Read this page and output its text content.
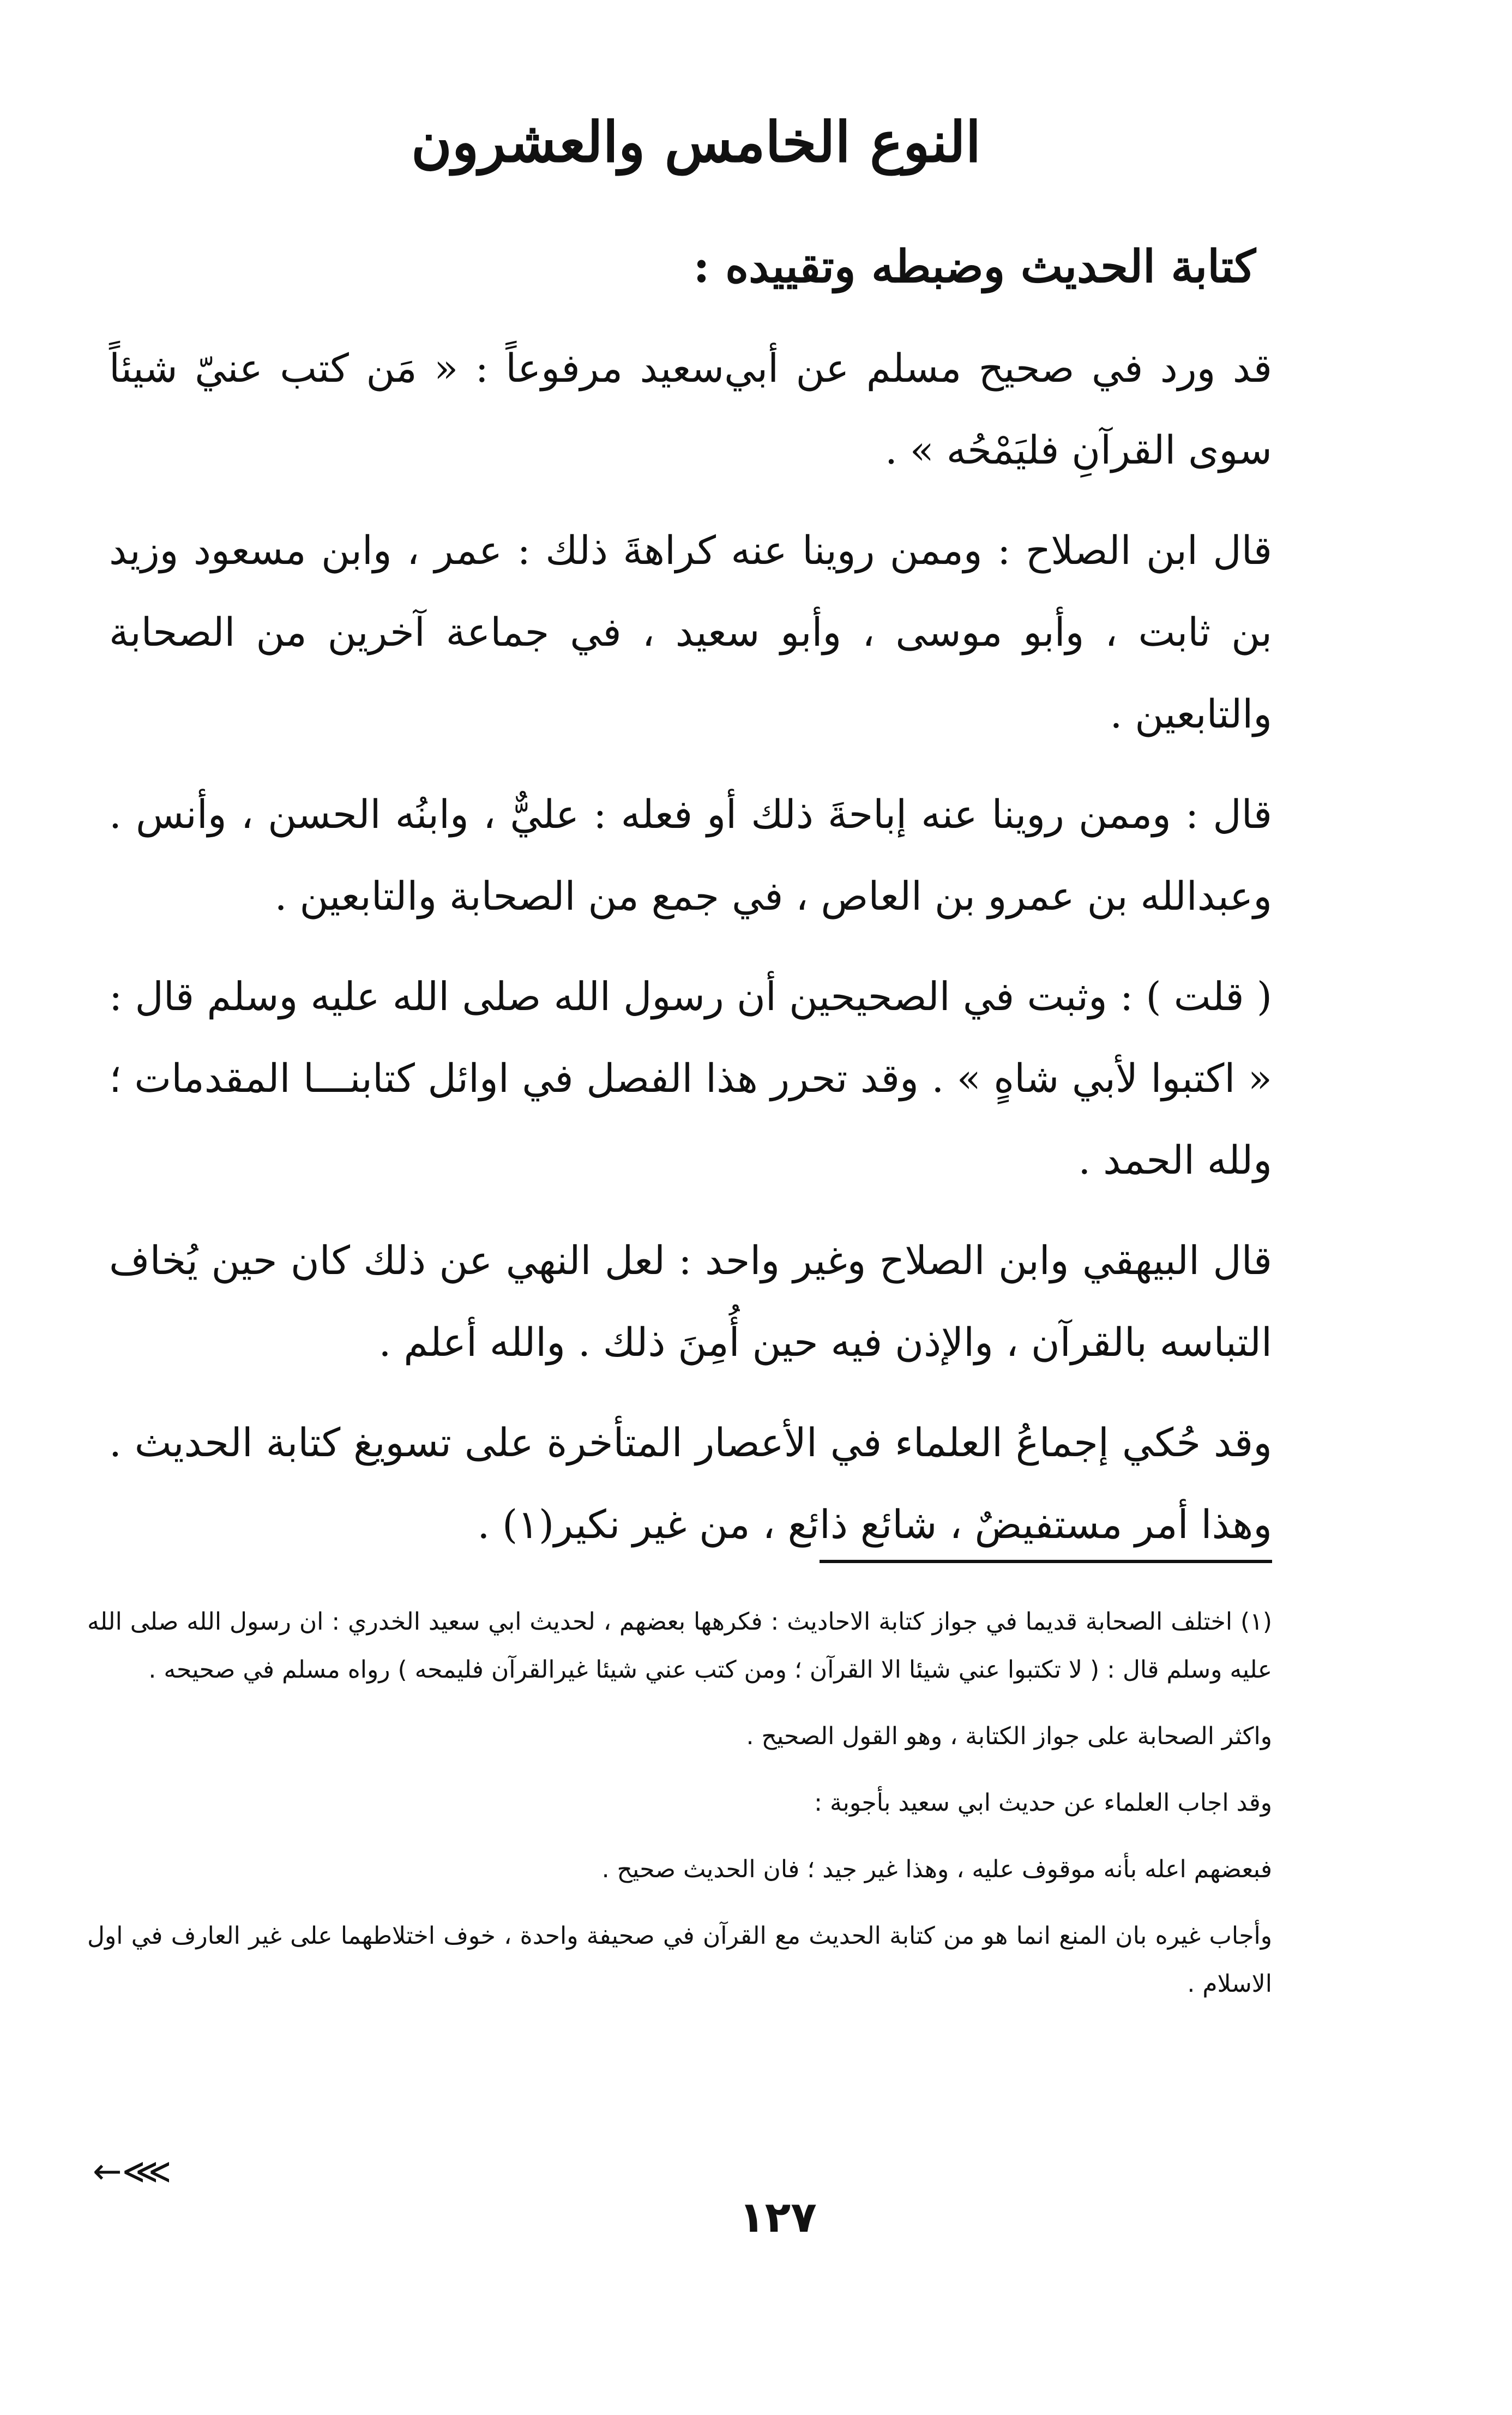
النوع الخامس والعشرون
كتابة الحديث وضبطه وتقييده :

قد ورد في صحيح مسلم عن أبي‌سعيد مرفوعاً : « مَن كتب عنيّ شيئاً سوى القرآنِ فليَمْحُه » .

قال ابن الصلاح : وممن روينا عنه كراهةَ ذلك : عمر ، وابن مسعود وزيد بن ثابت ، وأبو موسى ، وأبو سعيد ، في جماعة آخرين من الصحابة والتابعين .

قال : وممن روينا عنه إباحةَ ذلك أو فعله : عليٌّ ، وابنُه الحسن ، وأنس . وعبدالله بن عمرو بن العاص ، في جمع من الصحابة والتابعين .

( قلت ) : وثبت في الصحيحين أن رسول الله صلى الله عليه وسلم قال : « اكتبوا لأبي شاهٍ » . وقد تحرر هذا الفصل في اوائل كتابنـــا المقدمات ؛ ولله الحمد .

قال البيهقي وابن الصلاح وغير واحد : لعل النهي عن ذلك كان حين يُخاف التباسه بالقرآن ، والإذن فيه حين أُمِنَ ذلك . والله أعلم .

وقد حُكي إجماعُ العلماء في الأعصار المتأخرة على تسويغ كتابة الحديث . وهذا أمر مستفيضٌ ، شائع ذائع ، من غير نكير(١) .

(١) اختلف الصحابة قديما في جواز كتابة الاحاديث : فكرهها بعضهم ، لحديث ابي سعيد الخدري : ان رسول الله صلى الله عليه وسلم قال : ( لا تكتبوا عني شيئا الا القرآن ؛ ومن كتب عني شيئا غيرالقرآن فليمحه ) رواه مسلم في صحيحه .

واكثر الصحابة على جواز الكتابة ، وهو القول الصحيح .

وقد اجاب العلماء عن حديث ابي سعيد بأجوبة :

فبعضهم اعله بأنه موقوف عليه ، وهذا غير جيد ؛ فان الحديث صحيح .

وأجاب غيره بان المنع انما هو من كتابة الحديث مع القرآن في صحيفة واحدة ، خوف اختلاطهما على غير العارف في اول الاسلام .

←⋘
١٢٧
